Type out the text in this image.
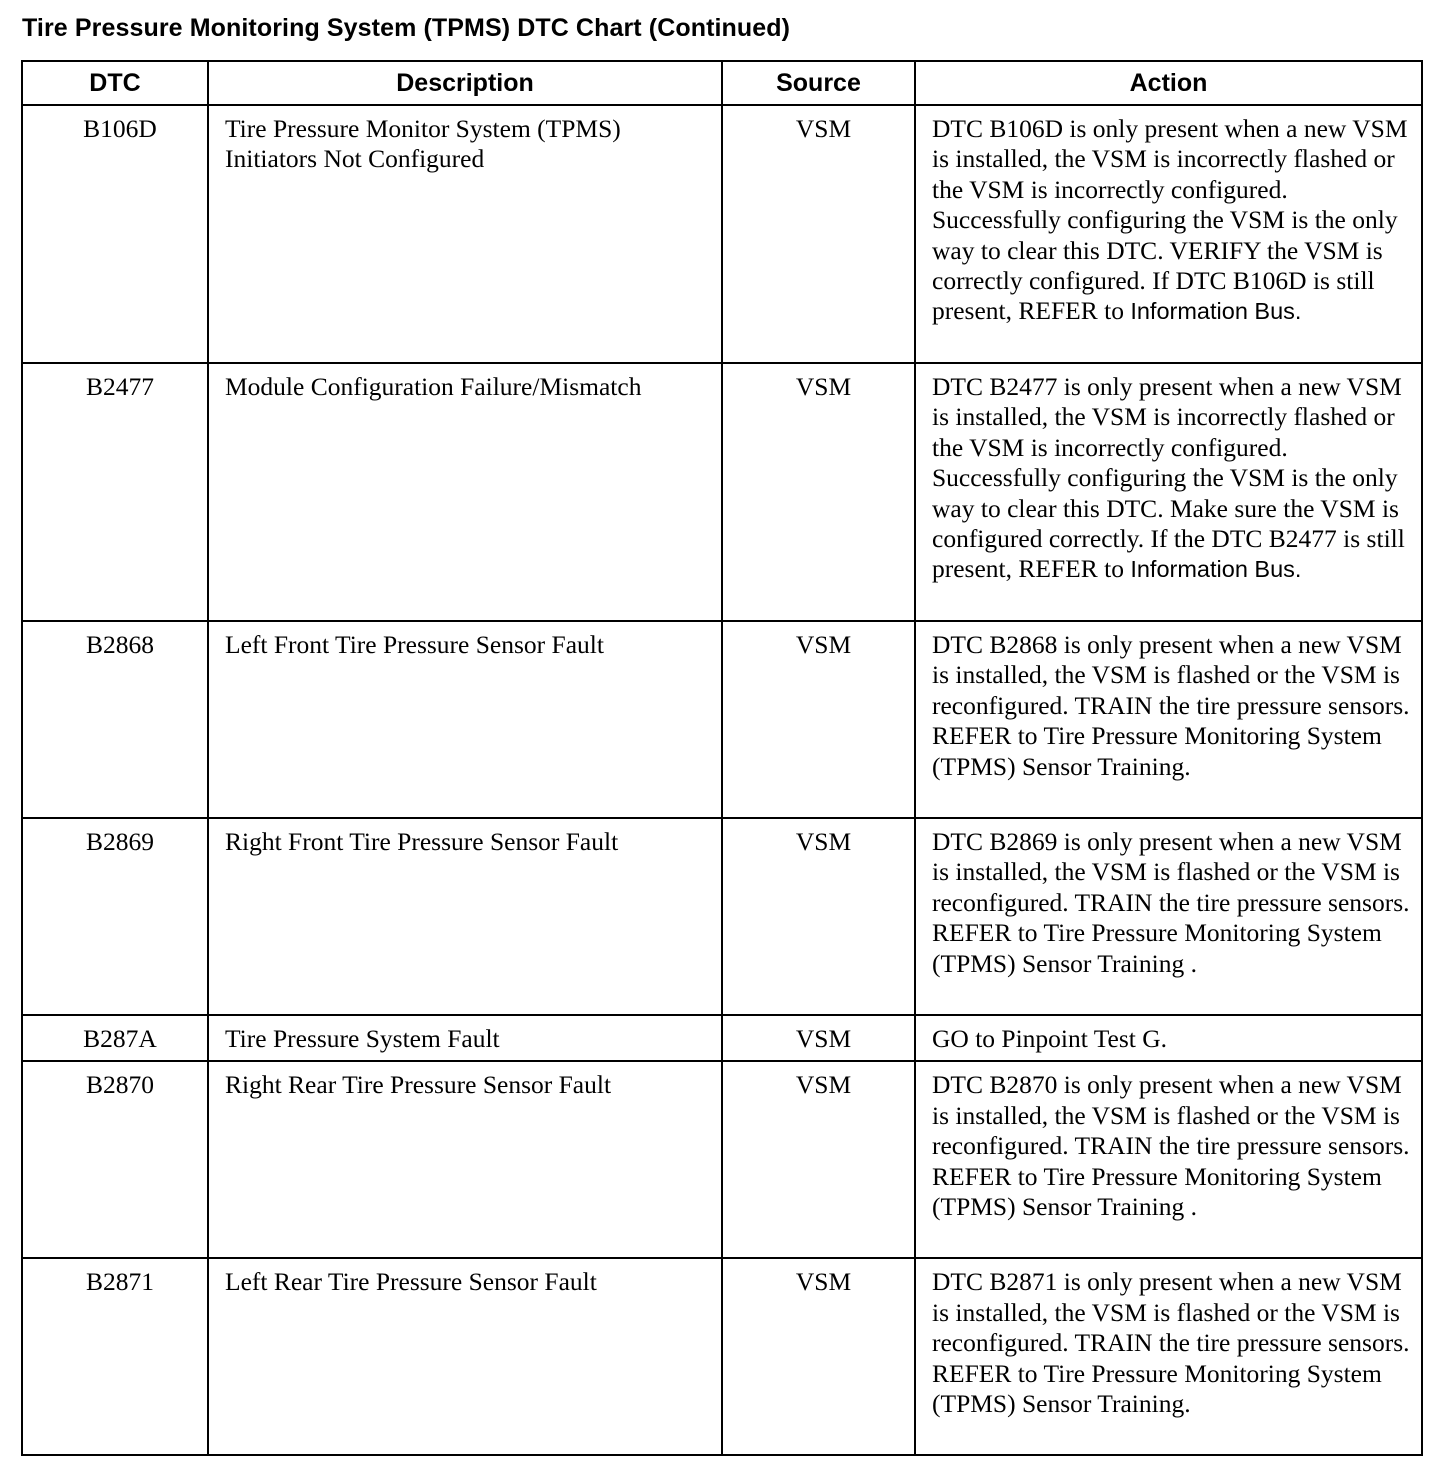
Tire Pressure Monitoring System (TPMS) DTC Chart (Continued)
DTC	Description	Source	Action
B106D	Tire Pressure Monitor System (TPMS) Initiators Not Configured	VSM	DTC B106D is only present when a new VSM is installed, the VSM is incorrectly flashed or the VSM is incorrectly configured. Successfully configuring the VSM is the only way to clear this DTC. VERIFY the VSM is correctly configured. If DTC B106D is still present, REFER to Information Bus.
B2477	Module Configuration Failure/Mismatch	VSM	DTC B2477 is only present when a new VSM is installed, the VSM is incorrectly flashed or the VSM is incorrectly configured. Successfully configuring the VSM is the only way to clear this DTC. Make sure the VSM is configured correctly. If the DTC B2477 is still present, REFER to Information Bus.
B2868	Left Front Tire Pressure Sensor Fault	VSM	DTC B2868 is only present when a new VSM is installed, the VSM is flashed or the VSM is reconfigured. TRAIN the tire pressure sensors. REFER to Tire Pressure Monitoring System (TPMS) Sensor Training.
B2869	Right Front Tire Pressure Sensor Fault	VSM	DTC B2869 is only present when a new VSM is installed, the VSM is flashed or the VSM is reconfigured. TRAIN the tire pressure sensors. REFER to Tire Pressure Monitoring System (TPMS) Sensor Training .
B287A	Tire Pressure System Fault	VSM	GO to Pinpoint Test G.
B2870	Right Rear Tire Pressure Sensor Fault	VSM	DTC B2870 is only present when a new VSM is installed, the VSM is flashed or the VSM is reconfigured. TRAIN the tire pressure sensors. REFER to Tire Pressure Monitoring System (TPMS) Sensor Training .
B2871	Left Rear Tire Pressure Sensor Fault	VSM	DTC B2871 is only present when a new VSM is installed, the VSM is flashed or the VSM is reconfigured. TRAIN the tire pressure sensors. REFER to Tire Pressure Monitoring System (TPMS) Sensor Training.
